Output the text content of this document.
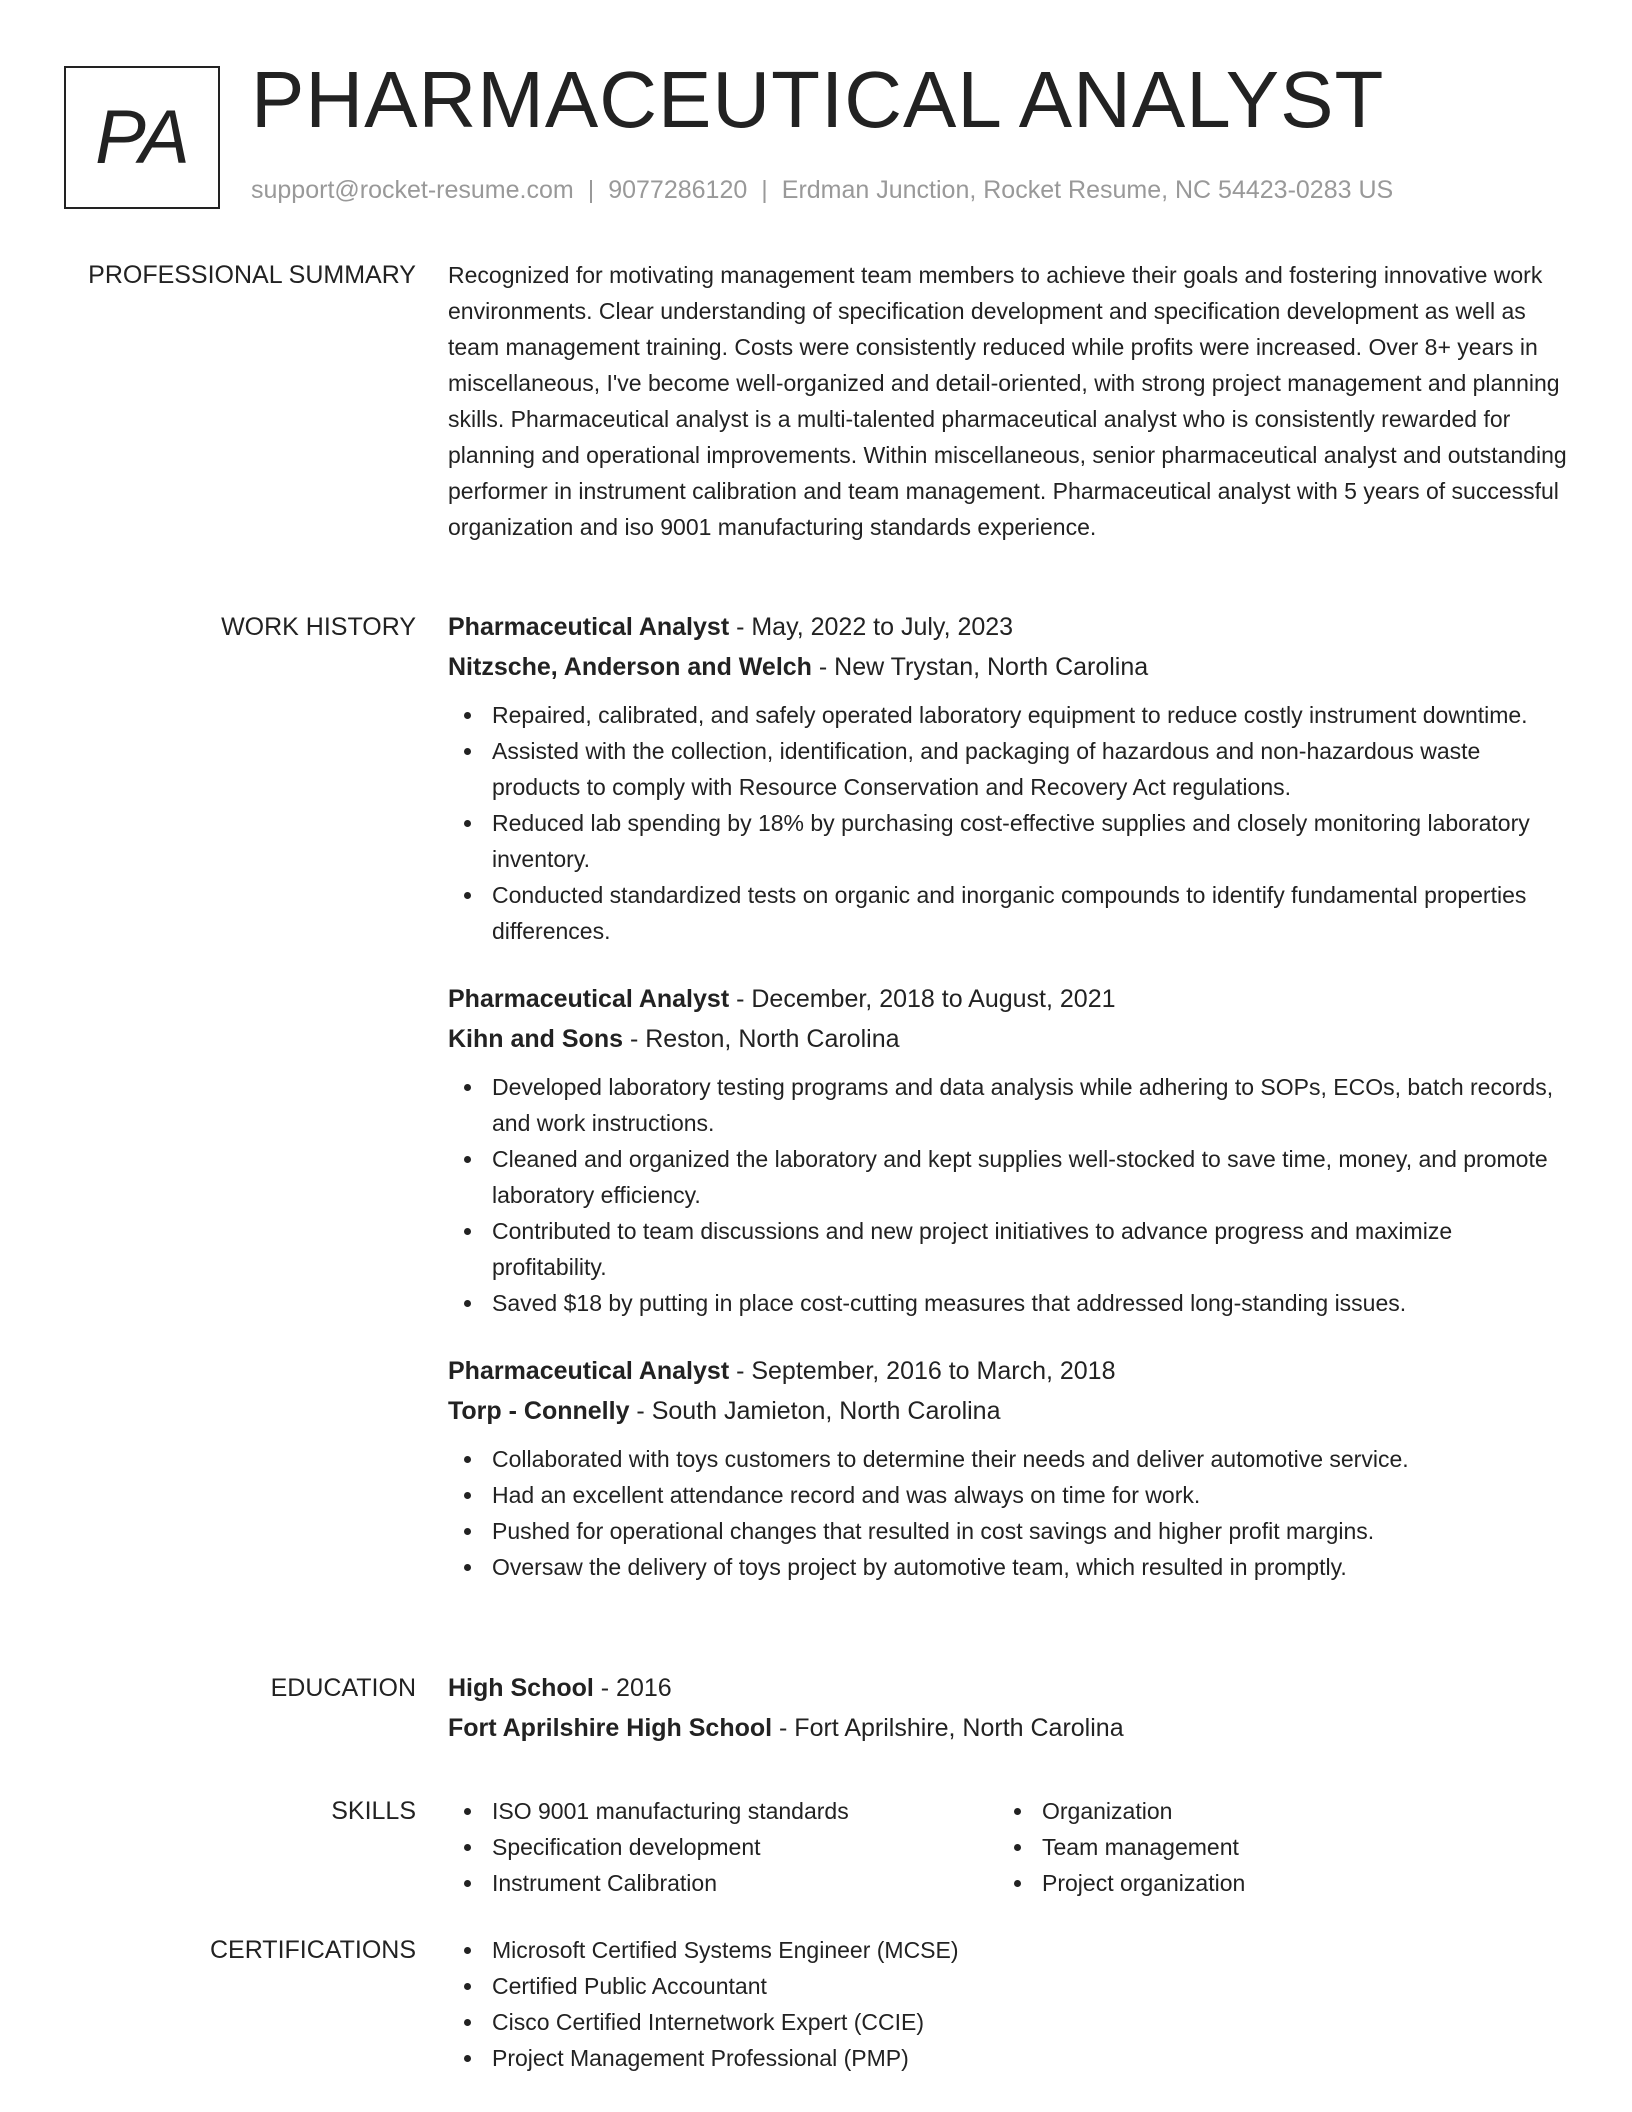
PA PHARMACEUTICAL ANALYST
support@rocket-resume.com | 9077286120 | Erdman Junction, Rocket Resume, NC 54423-0283 US
PROFESSIONAL SUMMARY Recognized for motivating management team members to achieve their goals and fostering innovative work environments. Clear understanding of specification development and specification development as well as team management training. Costs were consistently reduced while profits were increased. Over 8+ years in miscellaneous, I've become well-organized and detail-oriented, with strong project management and planning skills. Pharmaceutical analyst is a multi-talented pharmaceutical analyst who is consistently rewarded for planning and operational improvements. Within miscellaneous, senior pharmaceutical analyst and outstanding performer in instrument calibration and team management. Pharmaceutical analyst with 5 years of successful organization and iso 9001 manufacturing standards experience.

WORK HISTORY Pharmaceutical Analyst - May, 2022 to July, 2023
Nitzsche, Anderson and Welch - New Trystan, North Carolina
Repaired, calibrated, and safely operated laboratory equipment to reduce costly instrument downtime.
Assisted with the collection, identification, and packaging of hazardous and non-hazardous waste products to comply with Resource Conservation and Recovery Act regulations.
Reduced lab spending by 18% by purchasing cost-effective supplies and closely monitoring laboratory inventory.
Conducted standardized tests on organic and inorganic compounds to identify fundamental properties differences.
Pharmaceutical Analyst - December, 2018 to August, 2021
Kihn and Sons - Reston, North Carolina
Developed laboratory testing programs and data analysis while adhering to SOPs, ECOs, batch records, and work instructions.
Cleaned and organized the laboratory and kept supplies well-stocked to save time, money, and promote laboratory efficiency.
Contributed to team discussions and new project initiatives to advance progress and maximize profitability.
Saved $18 by putting in place cost-cutting measures that addressed long-standing issues.
Pharmaceutical Analyst - September, 2016 to March, 2018
Torp - Connelly - South Jamieton, North Carolina
Collaborated with toys customers to determine their needs and deliver automotive service.
Had an excellent attendance record and was always on time for work.
Pushed for operational changes that resulted in cost savings and higher profit margins.
Oversaw the delivery of toys project by automotive team, which resulted in promptly.
EDUCATION High School - 2016
Fort Aprilshire High School - Fort Aprilshire, North Carolina
SKILLS	ISO 9001 manufacturing standards
Specification development
Instrument Calibration
Organization
Team management
Project organization
CERTIFICATIONS	Microsoft Certified Systems Engineer (MCSE)
Certified Public Accountant
Cisco Certified Internetwork Expert (CCIE)
Project Management Professional (PMP)
